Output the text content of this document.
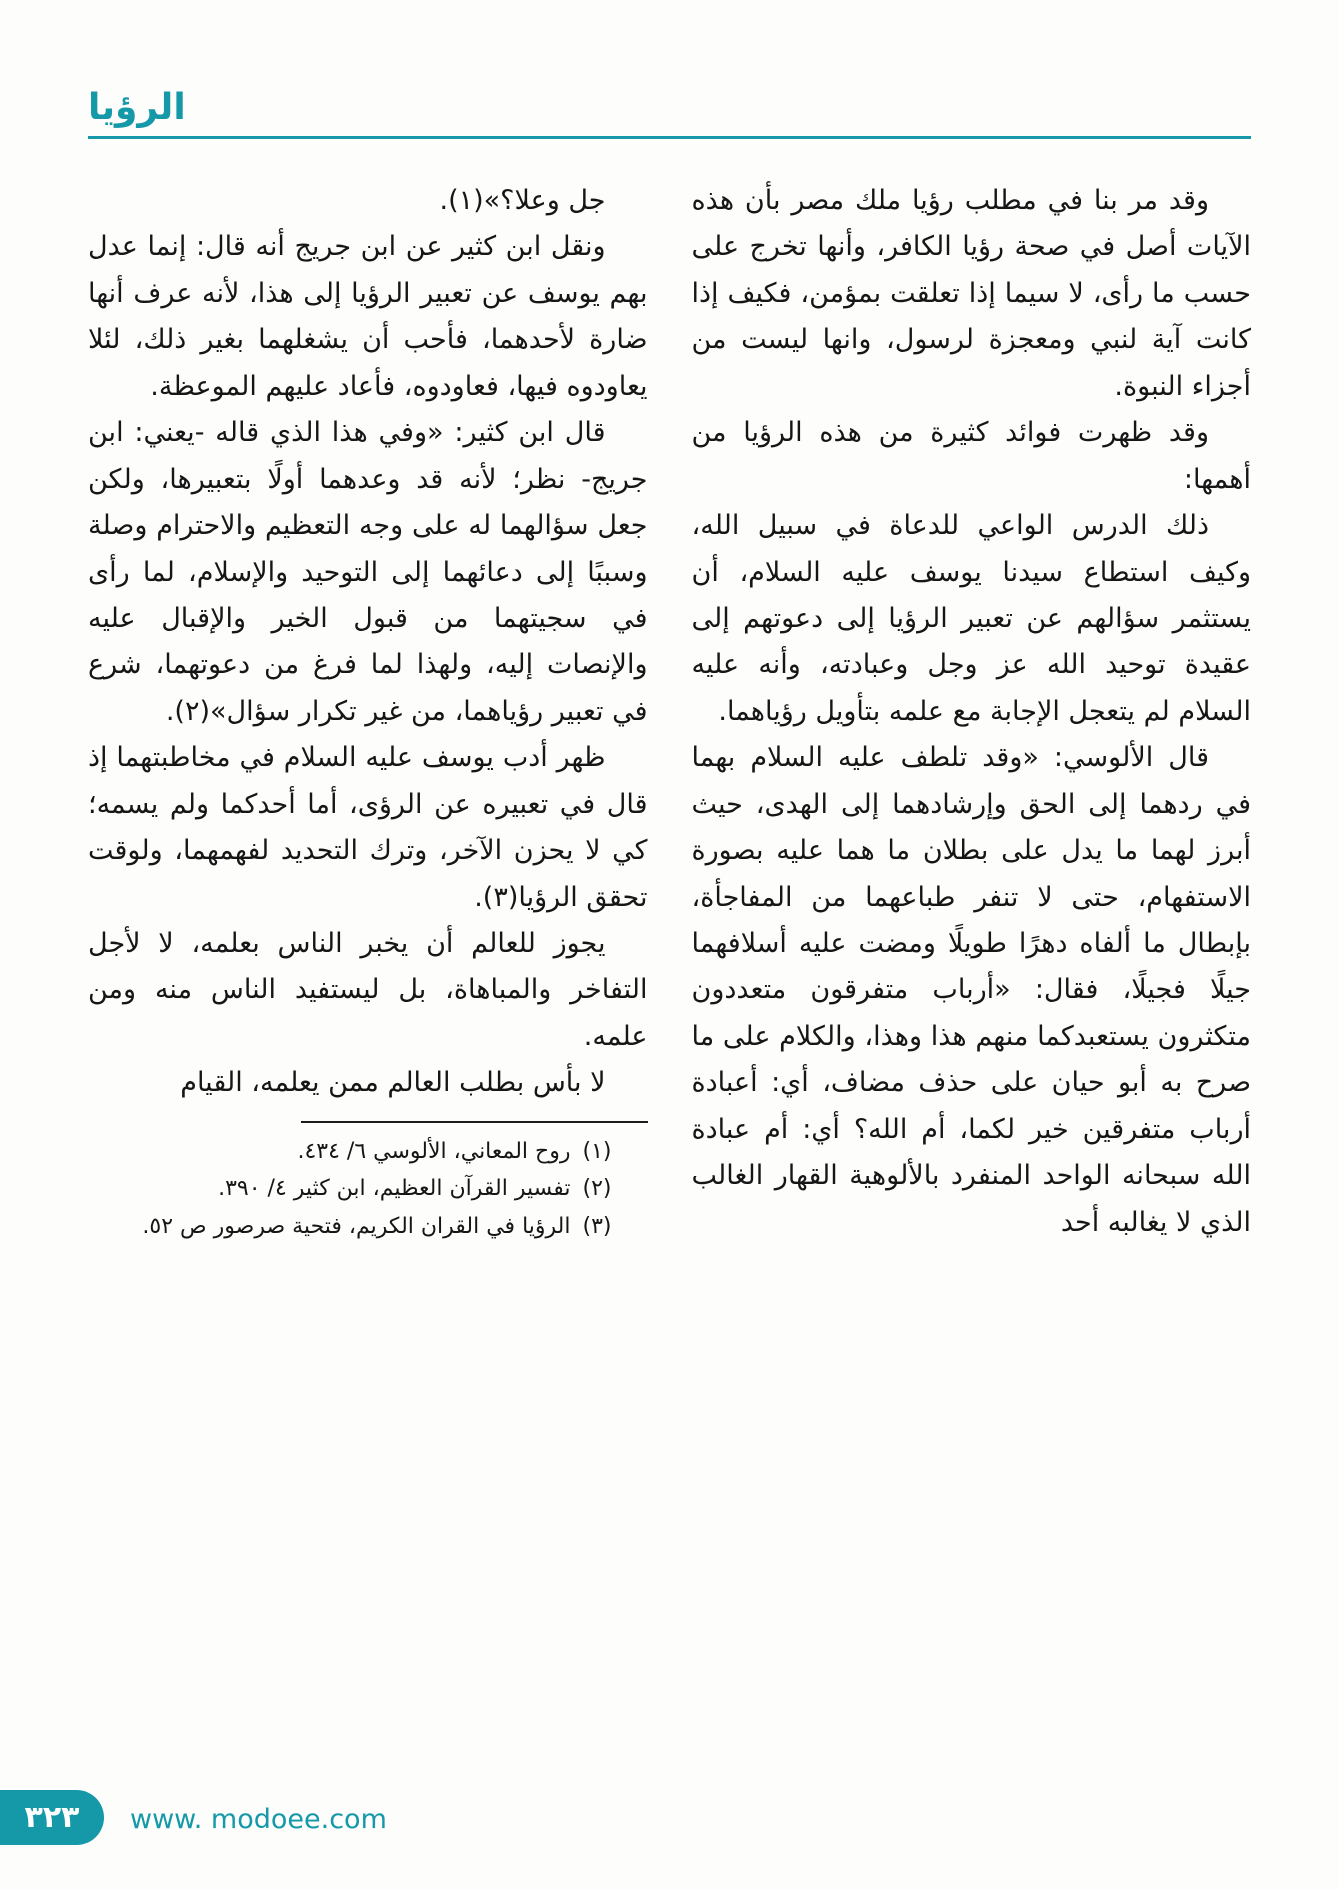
الرؤيا

وقد مر بنا في مطلب رؤيا ملك مصر بأن هذه الآيات أصل في صحة رؤيا الكافر، وأنها تخرج على حسب ما رأى، لا سيما إذا تعلقت بمؤمن، فكيف إذا كانت آية لنبي ومعجزة لرسول، وانها ليست من أجزاء النبوة.

وقد ظهرت فوائد كثيرة من هذه الرؤيا من أهمها:

ذلك الدرس الواعي للدعاة في سبيل الله، وكيف استطاع سيدنا يوسف عليه السلام، أن يستثمر سؤالهم عن تعبير الرؤيا إلى دعوتهم إلى عقيدة توحيد الله عز وجل وعبادته، وأنه عليه السلام لم يتعجل الإجابة مع علمه بتأويل رؤياهما.

قال الألوسي: «وقد تلطف عليه السلام بهما في ردهما إلى الحق وإرشادهما إلى الهدى، حيث أبرز لهما ما يدل على بطلان ما هما عليه بصورة الاستفهام، حتى لا تنفر طباعهما من المفاجأة، بإبطال ما ألفاه دهرًا طويلًا ومضت عليه أسلافهما جيلًا فجيلًا، فقال: «أرباب متفرقون متعددون متكثرون يستعبدكما منهم هذا وهذا، والكلام على ما صرح به أبو حيان على حذف مضاف، أي: أعبادة أرباب متفرقين خير لكما، أم الله؟ أي: أم عبادة الله سبحانه الواحد المنفرد بالألوهية القهار الغالب الذي لا يغالبه أحد

جل وعلا؟»(١).

ونقل ابن كثير عن ابن جريج أنه قال: إنما عدل بهم يوسف عن تعبير الرؤيا إلى هذا، لأنه عرف أنها ضارة لأحدهما، فأحب أن يشغلهما بغير ذلك، لئلا يعاودوه فيها، فعاودوه، فأعاد عليهم الموعظة.

قال ابن كثير: «وفي هذا الذي قاله -يعني: ابن جريج- نظر؛ لأنه قد وعدهما أولًا بتعبيرها، ولكن جعل سؤالهما له على وجه التعظيم والاحترام وصلة وسببًا إلى دعائهما إلى التوحيد والإسلام، لما رأى في سجيتهما من قبول الخير والإقبال عليه والإنصات إليه، ولهذا لما فرغ من دعوتهما، شرع في تعبير رؤياهما، من غير تكرار سؤال»(٢).

ظهر أدب يوسف عليه السلام في مخاطبتهما إذ قال في تعبيره عن الرؤى، أما أحدكما ولم يسمه؛ كي لا يحزن الآخر، وترك التحديد لفهمهما، ولوقت تحقق الرؤيا(٣).

يجوز للعالم أن يخبر الناس بعلمه، لا لأجل التفاخر والمباهاة، بل ليستفيد الناس منه ومن علمه.

لا بأس بطلب العالم ممن يعلمه، القيام

(١)
روح المعاني، الألوسي ٦/ ٤٣٤.
(٢)
تفسير القرآن العظيم، ابن كثير ٤/ ٣٩٠.
(٣)
الرؤيا في القران الكريم، فتحية صرصور ص ٥٢.
٣٢٣	www. modoee.com
